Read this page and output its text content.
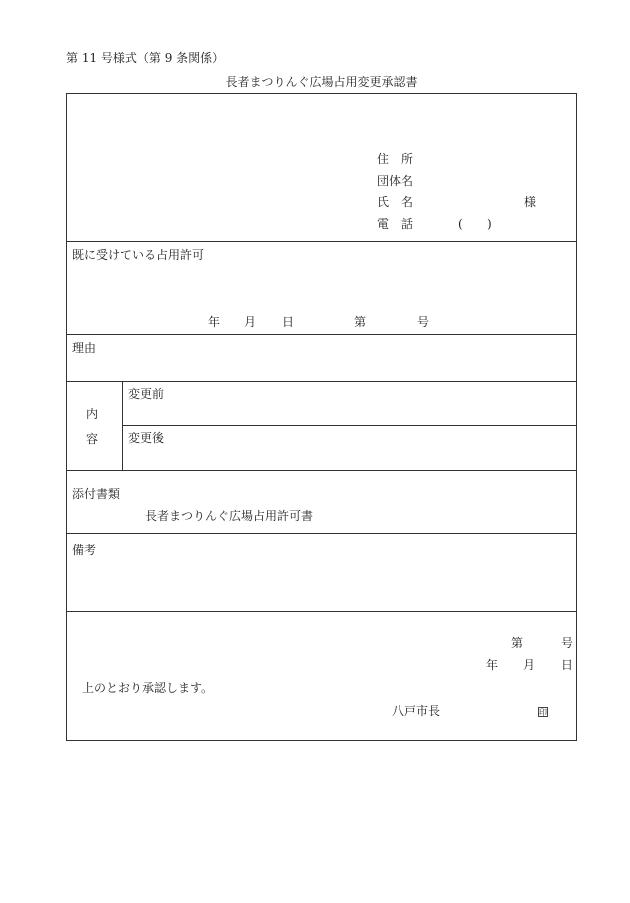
第 11 号様式（第 9 条関係）
長者まつりんぐ広場占用変更承認書
住　所
団体名
氏　名	様
電　話	( )
既に受けている占用許可
年 月 日	第	号
理由
内
容
変更前
変更後
添付書類
長者まつりんぐ広場占用許可書
備考
第	号
年 月 日
上のとおり承認します。
八戸市長	印
